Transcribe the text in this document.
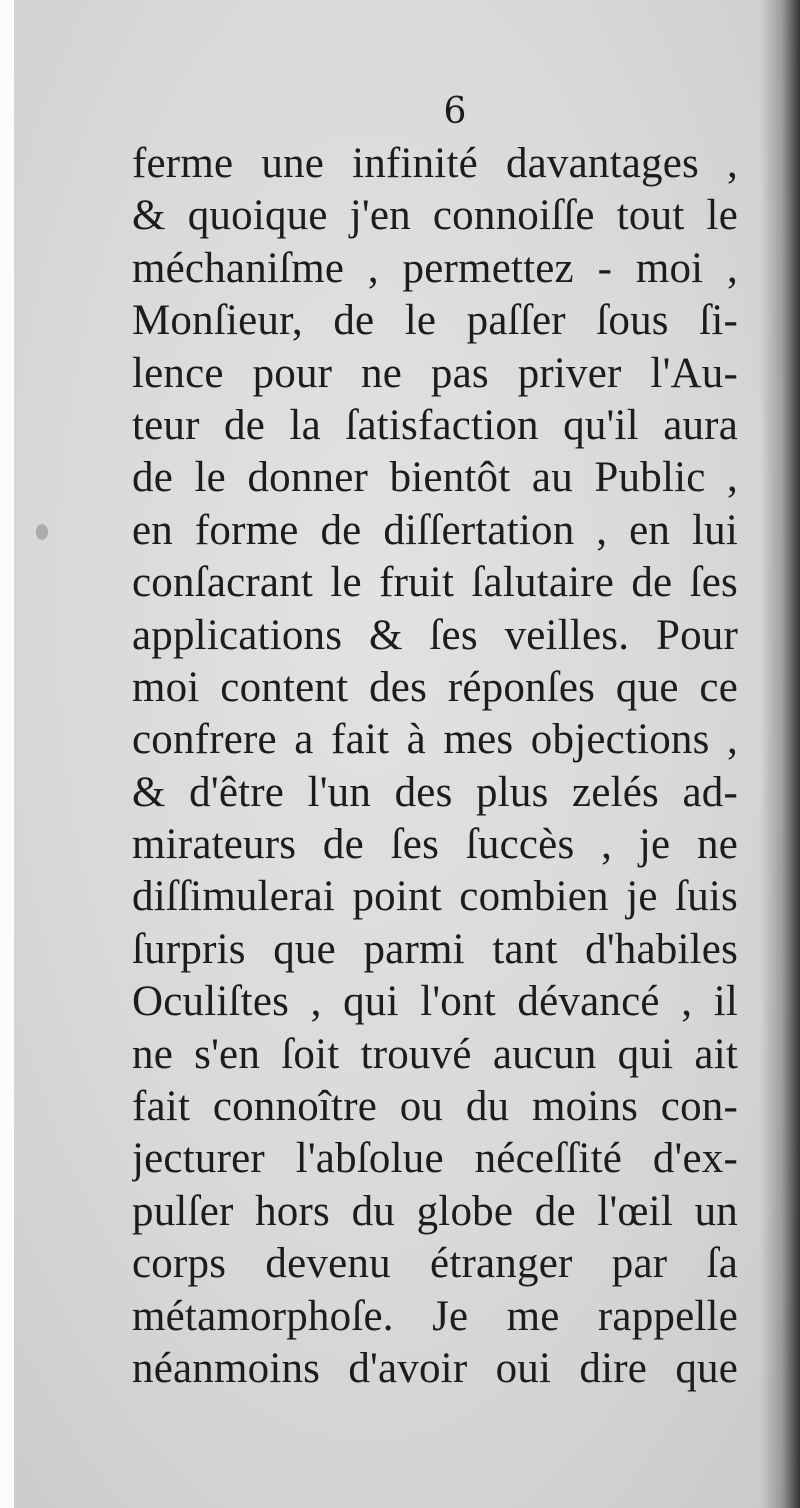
6
ferme une infinité davantages ,
& quoique j'en connoiſſe tout le
méchaniſme , permettez - moi ,
Monſieur, de le paſſer ſous ſi-
lence pour ne pas priver l'Au-
teur de la ſatisfaction qu'il aura
de le donner bientôt au Public ,
en forme de diſſertation , en lui
conſacrant le fruit ſalutaire de ſes
applications & ſes veilles. Pour
moi content des réponſes que ce
confrere a fait à mes objections ,
& d'être l'un des plus zelés ad-
mirateurs de ſes ſuccès , je ne
diſſimulerai point combien je ſuis
ſurpris que parmi tant d'habiles
Oculiſtes , qui l'ont dévancé , il
ne s'en ſoit trouvé aucun qui ait
fait connoître ou du moins con-
jecturer l'abſolue néceſſité d'ex-
pulſer hors du globe de l'œil un
corps devenu étranger par ſa
métamorphoſe. Je me rappelle
néanmoins d'avoir oui dire que
